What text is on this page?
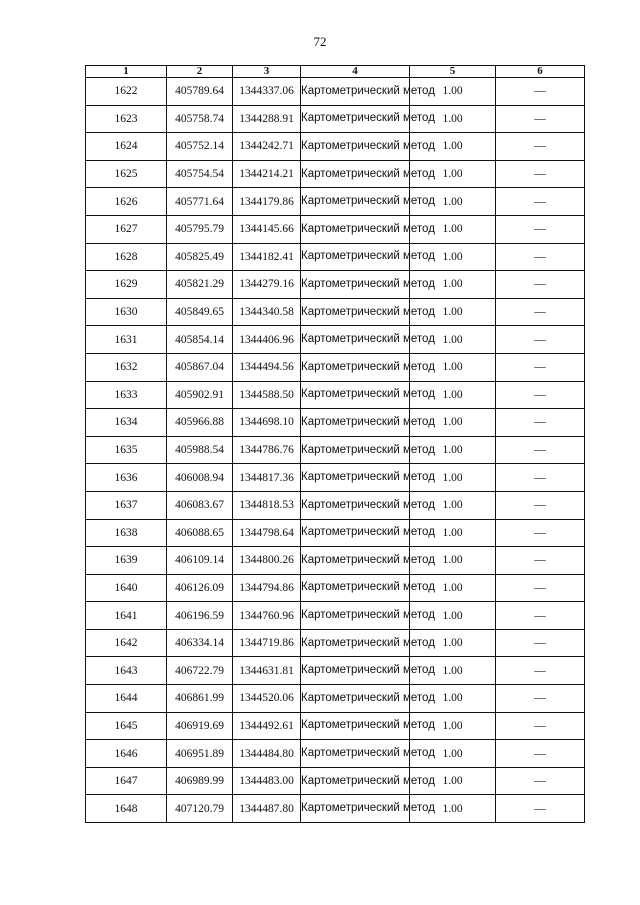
72
1	2	3	4	5	6
1622	405789.64	1344337.06	Картометрический метод	1.00	—
1623	405758.74	1344288.91	Картометрический метод	1.00	—
1624	405752.14	1344242.71	Картометрический метод	1.00	—
1625	405754.54	1344214.21	Картометрический метод	1.00	—
1626	405771.64	1344179.86	Картометрический метод	1.00	—
1627	405795.79	1344145.66	Картометрический метод	1.00	—
1628	405825.49	1344182.41	Картометрический метод	1.00	—
1629	405821.29	1344279.16	Картометрический метод	1.00	—
1630	405849.65	1344340.58	Картометрический метод	1.00	—
1631	405854.14	1344406.96	Картометрический метод	1.00	—
1632	405867.04	1344494.56	Картометрический метод	1.00	—
1633	405902.91	1344588.50	Картометрический метод	1.00	—
1634	405966.88	1344698.10	Картометрический метод	1.00	—
1635	405988.54	1344786.76	Картометрический метод	1.00	—
1636	406008.94	1344817.36	Картометрический метод	1.00	—
1637	406083.67	1344818.53	Картометрический метод	1.00	—
1638	406088.65	1344798.64	Картометрический метод	1.00	—
1639	406109.14	1344800.26	Картометрический метод	1.00	—
1640	406126.09	1344794.86	Картометрический метод	1.00	—
1641	406196.59	1344760.96	Картометрический метод	1.00	—
1642	406334.14	1344719.86	Картометрический метод	1.00	—
1643	406722.79	1344631.81	Картометрический метод	1.00	—
1644	406861.99	1344520.06	Картометрический метод	1.00	—
1645	406919.69	1344492.61	Картометрический метод	1.00	—
1646	406951.89	1344484.80	Картометрический метод	1.00	—
1647	406989.99	1344483.00	Картометрический метод	1.00	—
1648	407120.79	1344487.80	Картометрический метод	1.00	—
